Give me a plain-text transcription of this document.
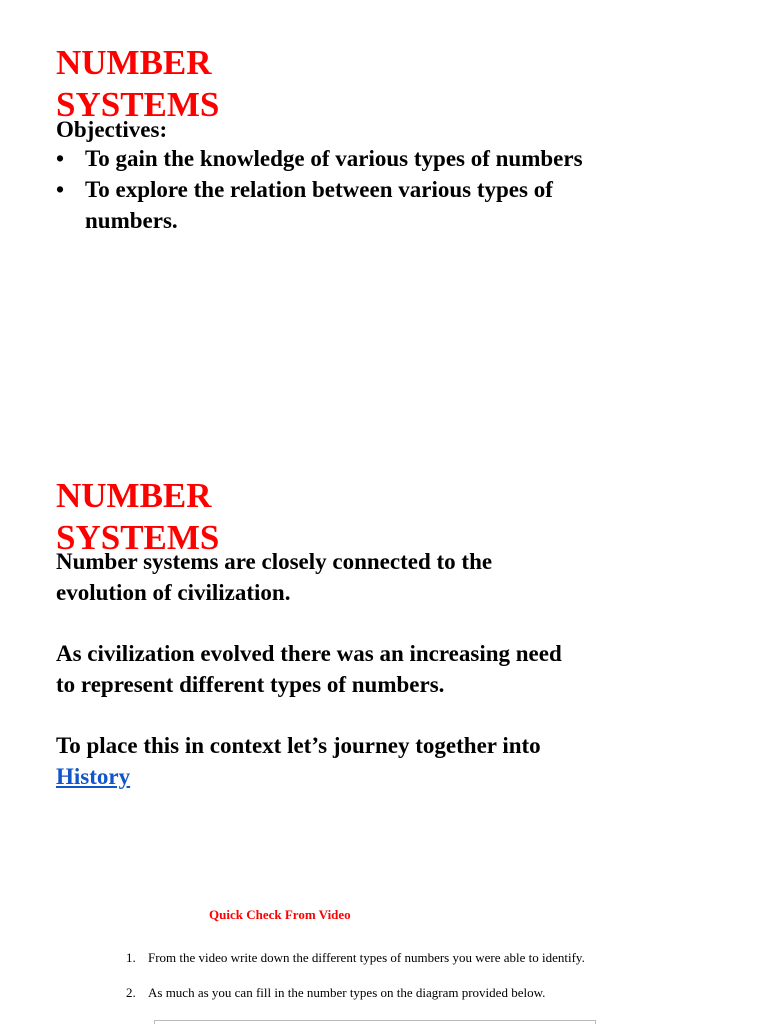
NUMBER
SYSTEMS
Objectives:
• To gain the knowledge of various types of numbers
• To explore the relation between various types of numbers.
NUMBER
SYSTEMS

Number systems are closely connected to the evolution of civilization.

As civilization evolved there was an increasing need to represent different types of numbers.

To place this in context let’s journey together into History

Quick Check From Video
1. From the video write down the different types of numbers you were able to identify.
2. As much as you can fill in the number types on the diagram provided below.
